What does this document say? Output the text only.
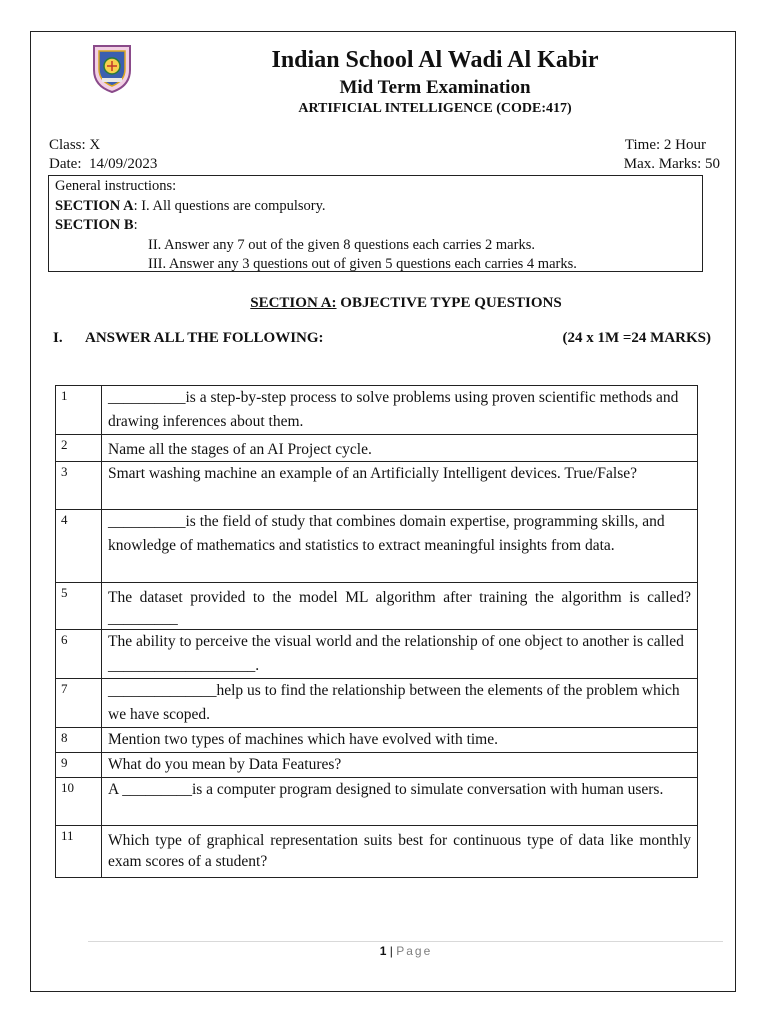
Indian School Al Wadi Al Kabir
Mid Term Examination
ARTIFICIAL INTELLIGENCE (CODE:417)
Class: X
Date:  14/09/2023
Time: 2 Hour
Max. Marks: 50
General instructions:
SECTION A: I. All questions are compulsory.
SECTION B:
II. Answer any 7 out of the given 8 questions each carries 2 marks.
III. Answer any 3 questions out of given 5 questions each carries 4 marks.
SECTION A: OBJECTIVE TYPE QUESTIONS
I. ANSWER ALL THE FOLLOWING:	(24 x 1M =24 MARKS)
1	__________is a step-by-step process to solve problems using proven scientific methods and drawing inferences about them.
2	Name all the stages of an AI Project cycle.
3	Smart washing machine an example of an Artificially Intelligent devices. True/False?
4	__________is the field of study that combines domain expertise, programming skills, and knowledge of mathematics and statistics to extract meaningful insights from data.
5	The dataset provided to the model ML algorithm after training the algorithm is called? _________
6	The ability to perceive the visual world and the relationship of one object to another is called ___________________.
7	______________help us to find the relationship between the elements of the problem which we have scoped.
8	Mention two types of machines which have evolved with time.
9	What do you mean by Data Features?
10	A _________is a computer program designed to simulate conversation with human users.
11	Which type of graphical representation suits best for continuous type of data like monthly exam scores of a student?
1 | Page
